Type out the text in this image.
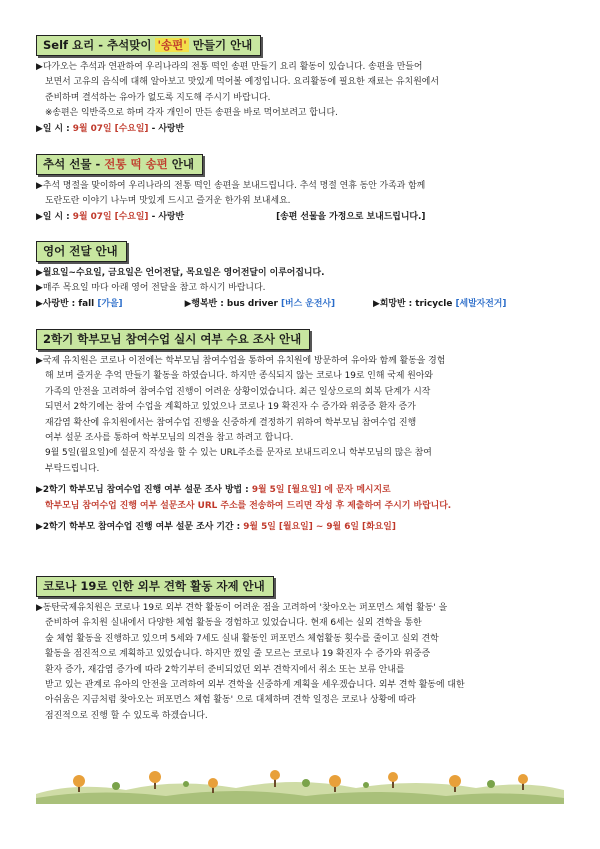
Self 요리 - 추석맞이 '송편' 만들기 안내
▶다가오는 추석과 연관하여 우리나라의 전통 떡인 송편 만들기 요리 활동이 있습니다. 송편을 만들어
보면서 고유의 음식에 대해 알아보고 맛있게 먹어볼 예정입니다. 요리활동에 필요한 재료는 유치원에서
준비하며 결석하는 유아가 없도록 지도해 주시기 바랍니다.
※송편은 익반죽으로 하며 각자 개인이 만든 송편을 바로 먹어보려고 합니다.
▶일 시 : 9월 07일 [수요일] - 사랑반
추석 선물 - 전통 떡 송편 안내
▶추석 명절을 맞이하여 우리나라의 전통 떡인 송편을 보내드립니다. 추석 명절 연휴 동안 가족과 함께
도란도란 이야기 나누며 맛있게 드시고 즐거운 한가위 보내세요.
▶일 시 : 9월 07일 [수요일] - 사랑반	[송편 선물을 가정으로 보내드립니다.]
영어 전달 안내
▶월요일~수요일, 금요일은 언어전달, 목요일은 영어전달이 이루어집니다.
▶매주 목요일 마다 아래 영어 전달을 참고 하시기 바랍니다.
▶사랑반 : fall [가을]	▶행복반 : bus driver [버스 운전사]	▶희망반 : tricycle [세발자전거]
2학기 학부모님 참여수업 실시 여부 수요 조사 안내
▶국제 유치원은 코로나 이전에는 학부모님 참여수업을 통하여 유치원에 방문하여 유아와 함께 활동을 경험
해 보며 즐거운 추억 만들기 활동을 하였습니다. 하지만 종식되지 않는 코로나 19로 인해 국제 원아와
가족의 안전을 고려하여 참여수업 진행이 어려운 상황이었습니다. 최근 일상으로의 회복 단계가 시작
되면서 2학기에는 참여 수업을 계획하고 있었으나 코로나 19 확진자 수 증가와 위중증 환자 증가
재감염 확산에 유치원에서는 참여수업 진행을 신중하게 결정하기 위하여 학부모님 참여수업 진행
여부 설문 조사를 통하여 학부모님의 의견을 참고 하려고 합니다.
9월 5일(월요일)에 설문지 작성을 할 수 있는 URL주소를 문자로 보내드리오니 학부모님의 많은 참여
부탁드립니다.
▶2학기 학부모님 참여수업 진행 여부 설문 조사 방법 : 9월 5일 [월요일] 에 문자 메시지로
학부모님 참여수업 진행 여부 설문조사 URL 주소를 전송하여 드리면 작성 후 제출하여 주시기 바랍니다.
▶2학기 학부모 참여수업 진행 여부 설문 조사 기간 : 9월 5일 [월요일] ~ 9월 6일 [화요일]
코로나 19로 인한 외부 견학 활동 자제 안내
▶동탄국제유치원은 코로나 19로 외부 견학 활동이 어려운 점을 고려하여 '찾아오는 퍼포먼스 체험 활동' 을
준비하여 유치원 실내에서 다양한 체험 활동을 경험하고 있었습니다. 현재 6세는 실외 견학을 통한
숲 체험 활동을 진행하고 있으며 5세와 7세도 실내 활동인 퍼포먼스 체험활동 횟수를 줄이고 실외 견학
활동을 점진적으로 계획하고 있었습니다. 하지만 껐일 줄 모르는 코로나 19 확진자 수 증가와 위중증
환자 증가, 재감염 증가에 따라 2학기부터 준비되었던 외부 견학지에서 취소 또는 보류 안내를
받고 있는 관계로 유아의 안전을 고려하여 외부 견학을 신중하게 계획을 세우겠습니다. 외부 견학 활동에 대한
아쉬움은 지금처럼 찾아오는 퍼포먼스 체험 활동' 으로 대체하며 견학 일정은 코로나 상황에 따라
점진적으로 진행 할 수 있도록 하겠습니다.
